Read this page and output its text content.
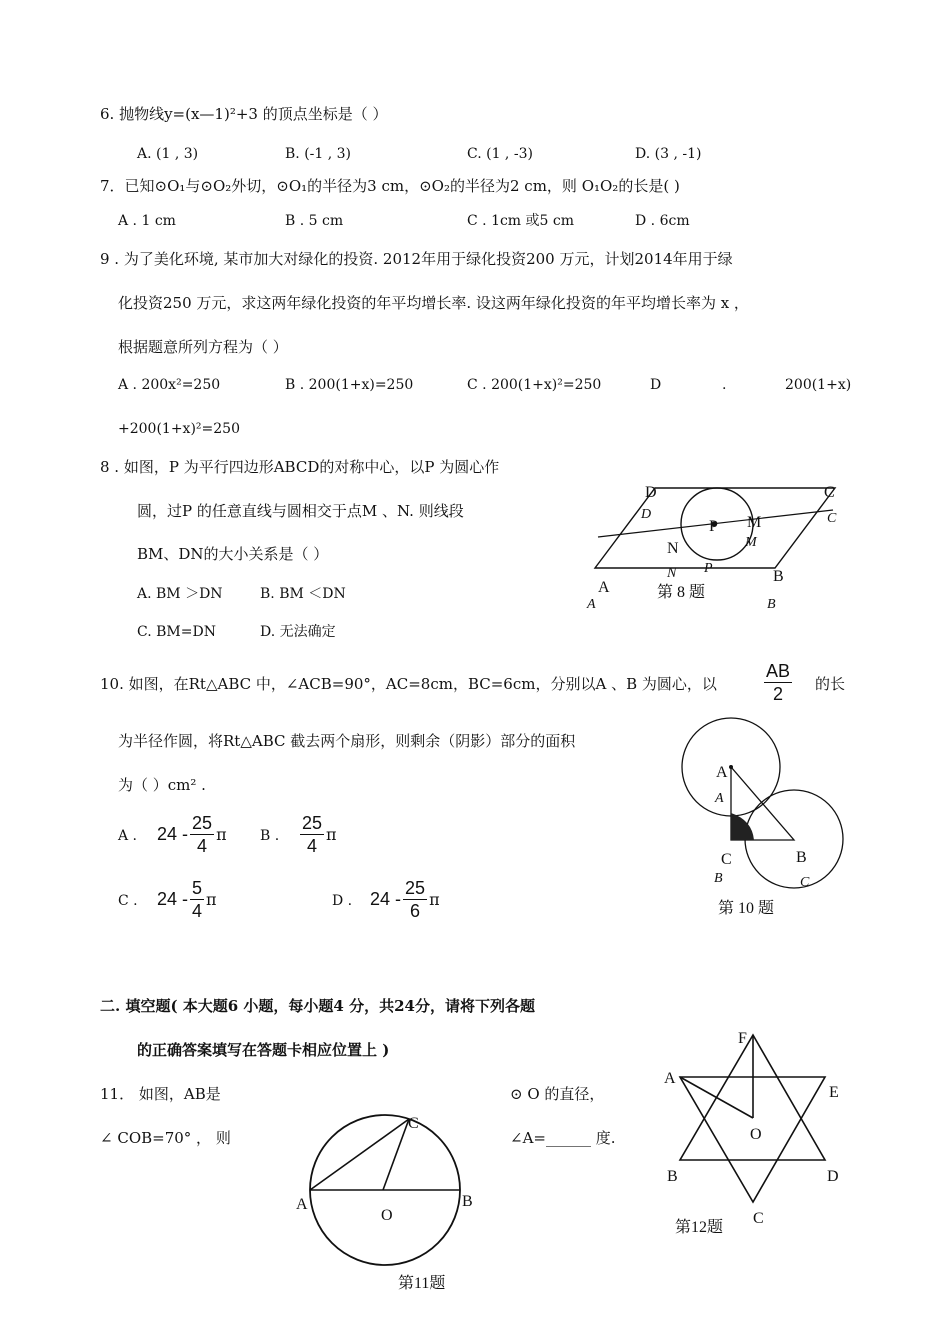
6. 抛物线y=(x—1)²+3 的顶点坐标是（ ）
A. (1 , 3)	B. (-1 , 3)	C. (1 , -3)	D. (3 , -1)
7．已知⊙O₁与⊙O₂外切，⊙O₁的半径为3 cm，⊙O₂的半径为2 cm，则 O₁O₂的长是( )
A . 1 cm	B . 5 cm	C . 1cm 或5 cm	D . 6cm
9 . 为了美化环境, 某市加大对绿化的投资. 2012年用于绿化投资200 万元，计划2014年用于绿
化投资250 万元，求这两年绿化投资的年平均增长率. 设这两年绿化投资的年平均增长率为 x ，
根据题意所列方程为（ ）
A . 200x²=250	B . 200(1+x)=250	C . 200(1+x)²=250	D	.	200(1+x)
+200(1+x)²=250
8 . 如图，P 为平行四边形ABCD的对称中心，以P 为圆心作
圆，过P 的任意直线与圆相交于点M 、N. 则线段
BM、DN的大小关系是（ ）
A. BM ＞DN	B. BM ＜DN
C. BM=DN	D. 无法确定
D
D
C
C
P M
M
N
N P
A
A
B
B
第 8 题
A
A
C
B
B
C
第 10 题
C
A	B
O
第11题
F
A
E
O
B	D
C
第12题
10. 如图，在Rt△ABC 中，∠ACB=90°，AC=8cm，BC=6cm，分别以A 、B 为圆心，以	$\frac{AB}{2}$ 的长
为半径作圆，将Rt△ABC 截去两个扇形，则剩余（阴影）部分的面积
为（ ）cm² .
A . $24 - \frac{25}{4}$ π B . $\frac{25}{4}$ π
C . $24 - \frac{5}{4}$ π	D . $24 - \frac{25}{6}$ π
二. 填空题( 本大题6 小题，每小题4 分，共24分，请将下列各题
的正确答案填写在答题卡相应位置上 )
11． 如图，AB是	⊙ O 的直径，
∠ COB=70° ， 则	∠A=______ 度.
